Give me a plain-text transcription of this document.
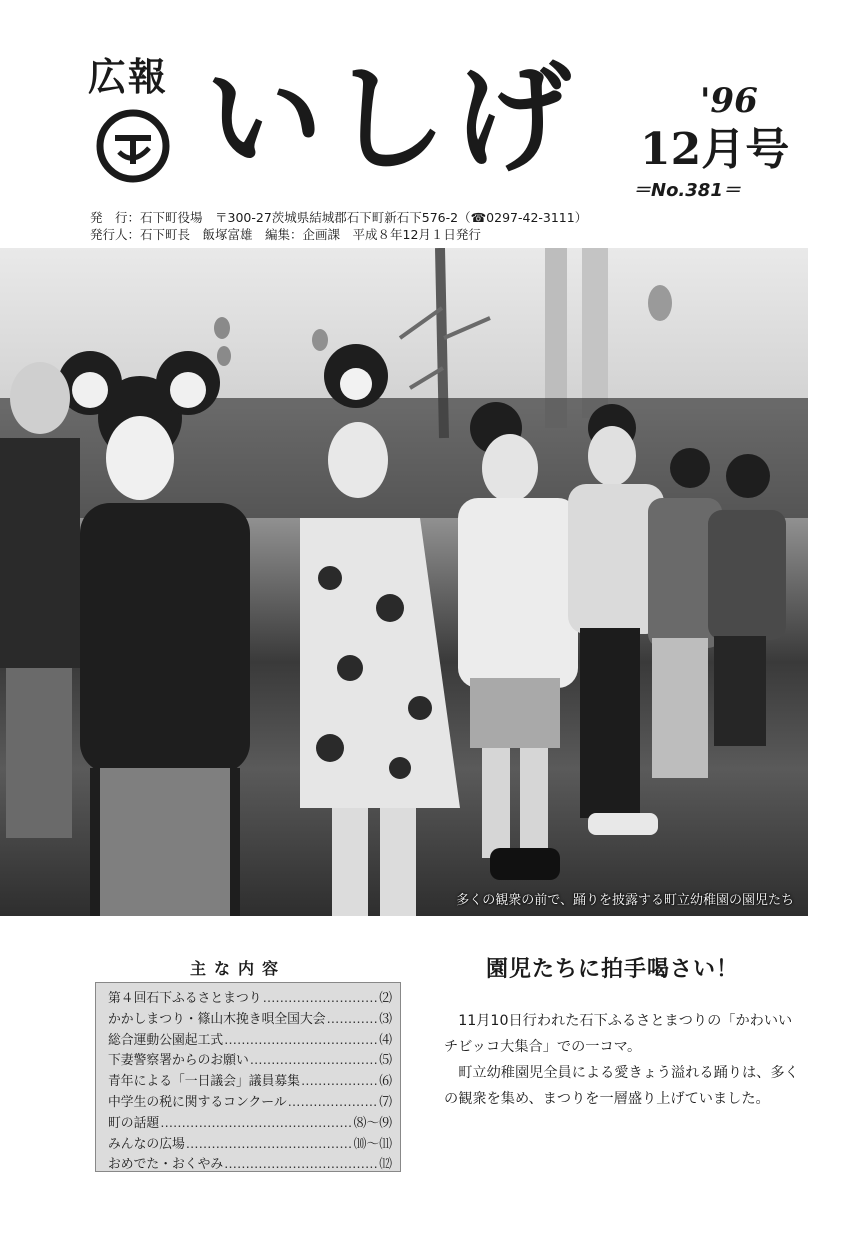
広報 いしげ	'96
12月号
＝No.381＝
発　行：石下町役場　〒300-27茨城県結城郡石下町新石下576-2（☎0297-42-3111）
発行人：石下町長　飯塚富雄　編集：企画課　平成８年12月１日発行
多くの観衆の前で、踊りを披露する町立幼稚園の園児たち
主な内容
第４回石下ふるさとまつり ……………………………………………………………………………	⑵
かかしまつり・篠山木挽き唄全国大会 ……………………………………………………………………………	⑶
総合運動公園起工式 ……………………………………………………………………………	⑷
下妻警察署からのお願い ……………………………………………………………………………	⑸
青年による「一日議会」議員募集 ……………………………………………………………………………	⑹
中学生の税に関するコンクール ……………………………………………………………………………	⑺
町の話題 ……………………………………………………………………………	⑻～⑼
みんなの広場 ……………………………………………………………………………	⑽～⑾
おめでた・おくやみ ……………………………………………………………………………	⑿
園児たちに拍手喝さい！

11月10日行われた石下ふるさとまつりの「かわいいチビッコ大集合」での一コマ。

町立幼稚園児全員による愛きょう溢れる踊りは、多くの観衆を集め、まつりを一層盛り上げていました。
